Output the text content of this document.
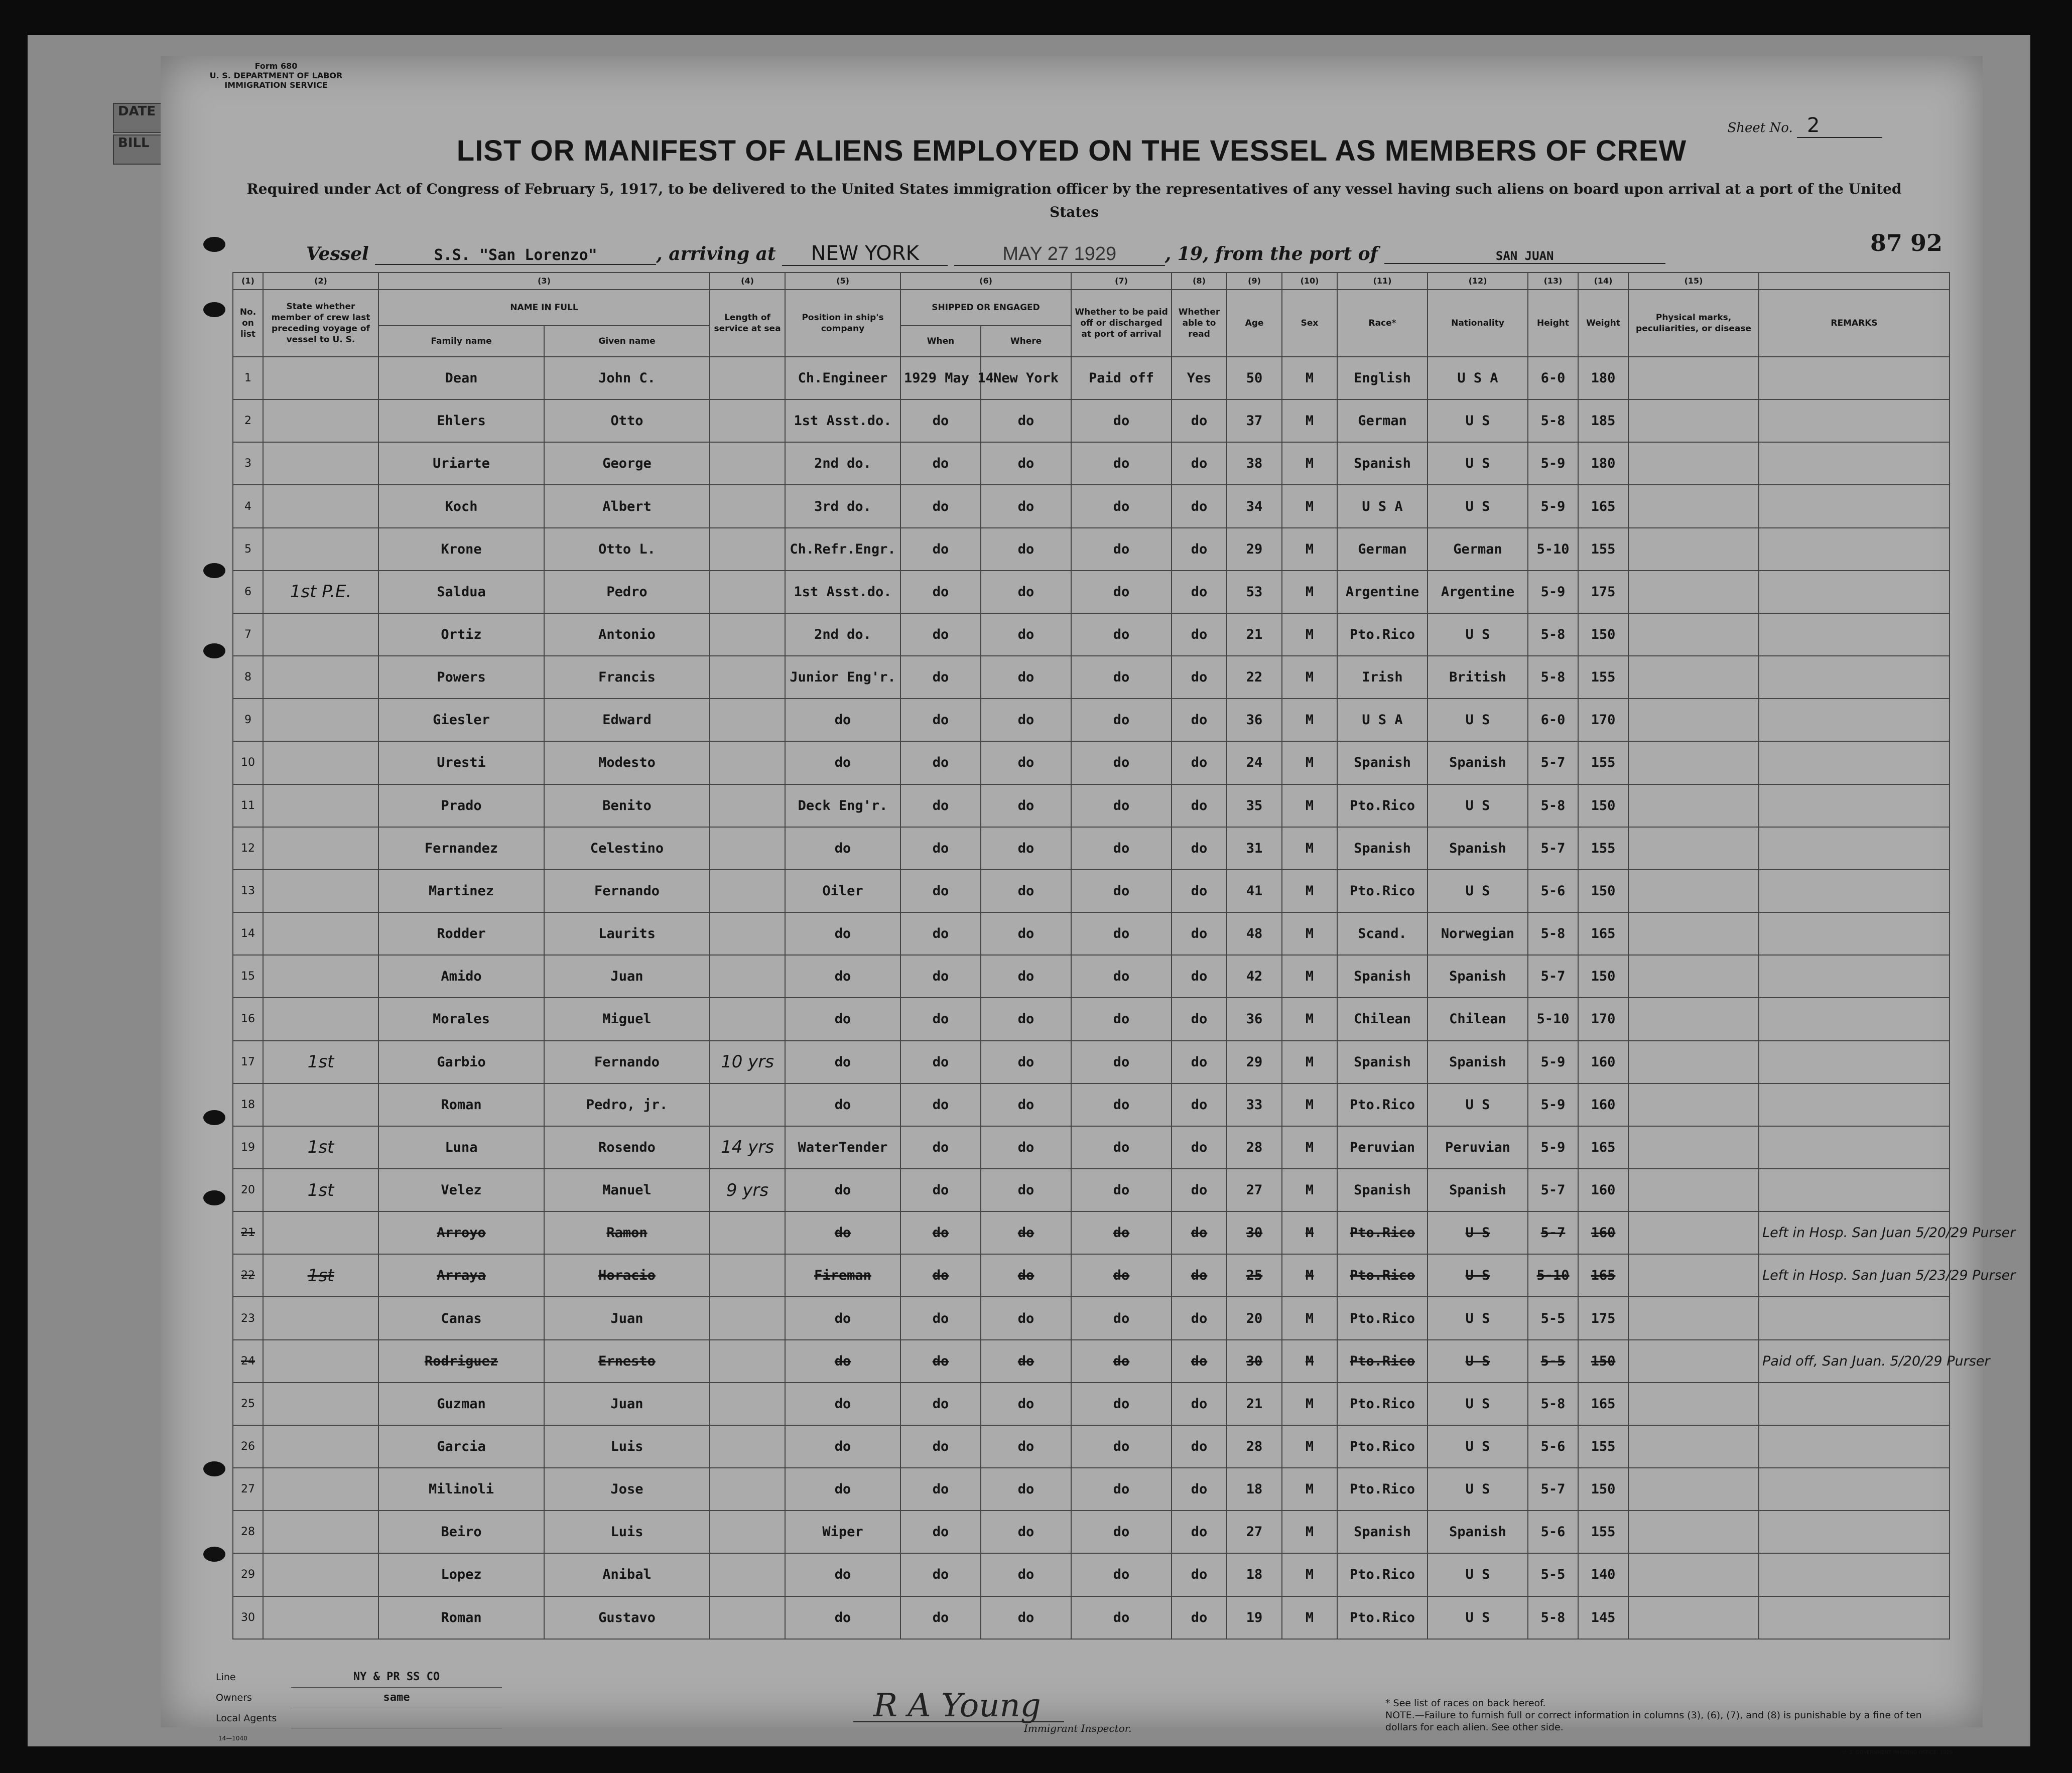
DATE
BILL
Form 680
U. S. DEPARTMENT OF LABOR
IMMIGRATION SERVICE
Sheet No. 2
LIST OR MANIFEST OF ALIENS EMPLOYED ON THE VESSEL AS MEMBERS OF CREW
Required under Act of Congress of February 5, 1917, to be delivered to the United States immigration officer by the representatives of any vessel having such aliens on board upon arrival at a port of the United States
Vessel	S.S. "San Lorenzo"	, arriving at NEW YORK	MAY 27 1929	, 19, from the port of	SAN JUAN	87 92
(1)	(2)	(3)		(4)	(5)	(6)		(7)	(8)	(9)	(10)	(11)	(12)	(13)	(14)	(15)	
No. on list	State whether member of crew last preceding voyage of vessel to U. S.	NAME IN FULL		Length of service at sea	Position in ship's company	SHIPPED OR ENGAGED		Whether to be paid off or discharged at port of arrival	Whether able to read	Age	Sex	Race*	Nationality	Height	Weight	Physical marks, peculiarities, or disease	REMARKS
		Family name	Given name			When	Where										
1		Dean	John C.		Ch.Engineer	1929 May 14	New York	Paid off	Yes	50	M	English	U S A	6-0	180		
2		Ehlers	Otto		1st Asst.do.	do	do	do	do	37	M	German	U S	5-8	185		
3		Uriarte	George		2nd do.	do	do	do	do	38	M	Spanish	U S	5-9	180		
4		Koch	Albert		3rd do.	do	do	do	do	34	M	U S A	U S	5-9	165		
5		Krone	Otto L.		Ch.Refr.Engr.	do	do	do	do	29	M	German	German	5-10	155		
6	1st P.E.	Saldua	Pedro		1st Asst.do.	do	do	do	do	53	M	Argentine	Argentine	5-9	175		
7		Ortiz	Antonio		2nd do.	do	do	do	do	21	M	Pto.Rico	U S	5-8	150		
8		Powers	Francis		Junior Eng'r.	do	do	do	do	22	M	Irish	British	5-8	155		
9		Giesler	Edward		do	do	do	do	do	36	M	U S A	U S	6-0	170		
10		Uresti	Modesto		do	do	do	do	do	24	M	Spanish	Spanish	5-7	155		
11		Prado	Benito		Deck Eng'r.	do	do	do	do	35	M	Pto.Rico	U S	5-8	150		
12		Fernandez	Celestino		do	do	do	do	do	31	M	Spanish	Spanish	5-7	155		
13		Martinez	Fernando		Oiler	do	do	do	do	41	M	Pto.Rico	U S	5-6	150		
14		Rodder	Laurits		do	do	do	do	do	48	M	Scand.	Norwegian	5-8	165		
15		Amido	Juan		do	do	do	do	do	42	M	Spanish	Spanish	5-7	150		
16		Morales	Miguel		do	do	do	do	do	36	M	Chilean	Chilean	5-10	170		
17	1st	Garbio	Fernando	10 yrs	do	do	do	do	do	29	M	Spanish	Spanish	5-9	160		
18		Roman	Pedro, jr.		do	do	do	do	do	33	M	Pto.Rico	U S	5-9	160		
19	1st	Luna	Rosendo	14 yrs	WaterTender	do	do	do	do	28	M	Peruvian	Peruvian	5-9	165		
20	1st	Velez	Manuel	9 yrs	do	do	do	do	do	27	M	Spanish	Spanish	5-7	160		
21		Arroyo	Ramon		do	do	do	do	do	30	M	Pto.Rico	U S	5-7	160		Left in Hosp. San Juan 5/20/29 Purser
22	1st	Arraya	Horacio		Fireman	do	do	do	do	25	M	Pto.Rico	U S	5-10	165		Left in Hosp. San Juan 5/23/29 Purser
23		Canas	Juan		do	do	do	do	do	20	M	Pto.Rico	U S	5-5	175		
24		Rodriguez	Ernesto		do	do	do	do	do	30	M	Pto.Rico	U S	5-5	150		Paid off, San Juan. 5/20/29 Purser
25		Guzman	Juan		do	do	do	do	do	21	M	Pto.Rico	U S	5-8	165		
26		Garcia	Luis		do	do	do	do	do	28	M	Pto.Rico	U S	5-6	155		
27		Milinoli	Jose		do	do	do	do	do	18	M	Pto.Rico	U S	5-7	150		
28		Beiro	Luis		Wiper	do	do	do	do	27	M	Spanish	Spanish	5-6	155		
29		Lopez	Anibal		do	do	do	do	do	18	M	Pto.Rico	U S	5-5	140		
30		Roman	Gustavo		do	do	do	do	do	19	M	Pto.Rico	U S	5-8	145		
Line	NY & PR SS CO
Owners	same
Local Agents
14—1040
R A Young
Immigrant Inspector.
* See list of races on back hereof.
NOTE.—Failure to furnish full or correct information in columns (3), (6), (7), and (8) is punishable by a fine of ten dollars for each alien. See other side.
U. S. GOVERNMENT PRINTING OFFICE: 1929
